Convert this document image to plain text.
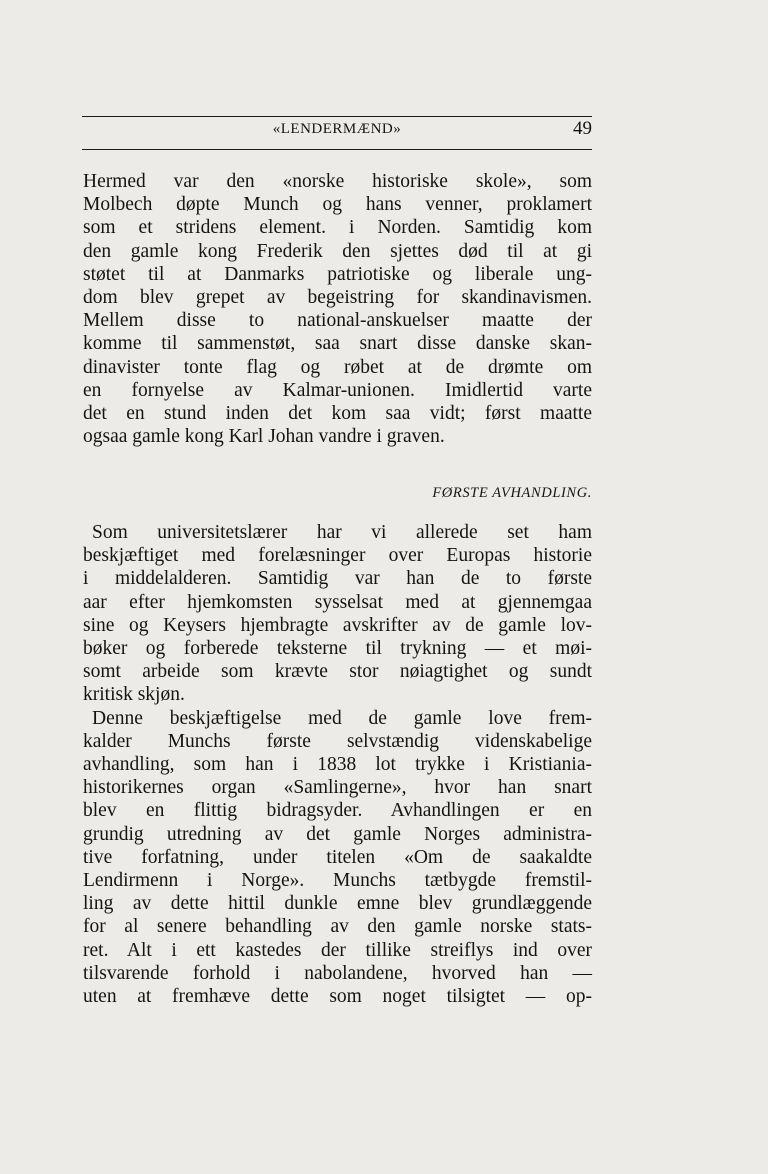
«LENDERMÆND»	49
Hermed var den «norske historiske skole», som
Molbech døpte Munch og hans venner, proklamert
som et stridens element. i Norden. Samtidig kom
den gamle kong Frederik den sjettes død til at gi
støtet til at Danmarks patriotiske og liberale ung-
dom blev grepet av begeistring for skandinavismen.
Mellem disse to national-anskuelser maatte der
komme til sammenstøt, saa snart disse danske skan-
dinavister tonte flag og røbet at de drømte om
en fornyelse av Kalmar-unionen. Imidlertid varte
det en stund inden det kom saa vidt; først maatte
ogsaa gamle kong Karl Johan vandre i graven.
FØRSTE AVHANDLING.
Som universitetslærer har vi allerede set ham
beskjæftiget med forelæsninger over Europas historie
i middelalderen. Samtidig var han de to første
aar efter hjemkomsten sysselsat med at gjennemgaa
sine og Keysers hjembragte avskrifter av de gamle lov-
bøker og forberede teksterne til trykning — et møi-
somt arbeide som krævte stor nøiagtighet og sundt
kritisk skjøn.
Denne beskjæftigelse med de gamle love frem-
kalder Munchs første selvstændig videnskabelige
avhandling, som han i 1838 lot trykke i Kristiania-
historikernes organ «Samlingerne», hvor han snart
blev en flittig bidragsyder. Avhandlingen er en
grundig utredning av det gamle Norges administra-
tive forfatning, under titelen «Om de saakaldte
Lendirmenn i Norge». Munchs tætbygde fremstil-
ling av dette hittil dunkle emne blev grundlæggende
for al senere behandling av den gamle norske stats-
ret. Alt i ett kastedes der tillike streiflys ind over
tilsvarende forhold i nabolandene, hvorved han —
uten at fremhæve dette som noget tilsigtet — op-
